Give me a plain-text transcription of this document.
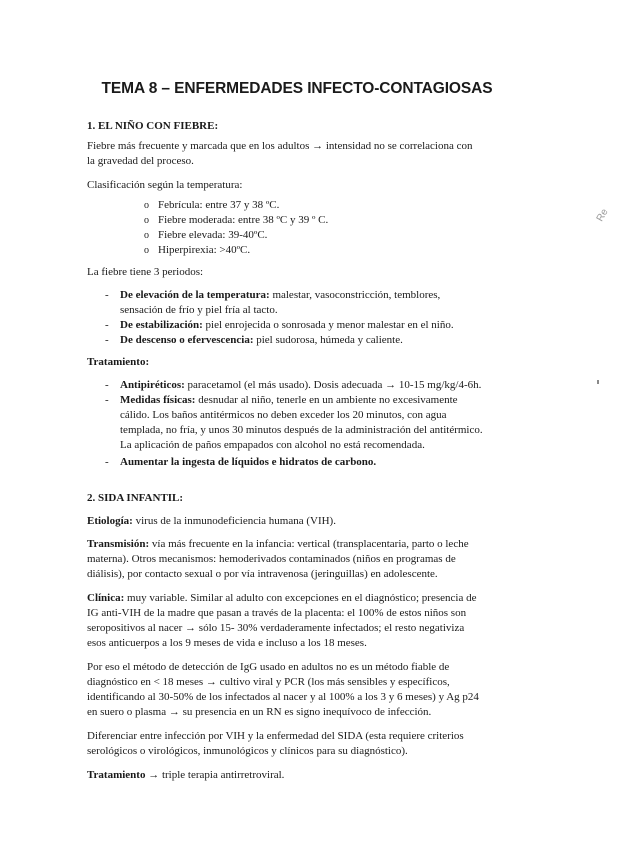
Re
TEMA 8 – ENFERMEDADES INFECTO-CONTAGIOSAS
1. EL NIÑO CON FIEBRE:
Fiebre más frecuente y marcada que en los adultos → intensidad no se correlaciona con
la gravedad del proceso.
Clasificación según la temperatura:
o Febrícula: entre 37 y 38 ºC.
o Fiebre moderada: entre 38 ºC y 39 º C.
o Fiebre elevada: 39-40ºC.
o Hiperpirexia: >40ºC.
La fiebre tiene 3 periodos:
- De elevación de la temperatura: malestar, vasoconstricción, temblores,
sensación de frío y piel fría al tacto.
- De estabilización: piel enrojecida o sonrosada y menor malestar en el niño.
- De descenso o efervescencia: piel sudorosa, húmeda y caliente.
Tratamiento:
- Antipiréticos: paracetamol (el más usado). Dosis adecuada → 10-15 mg/kg/4-6h.
- Medidas físicas: desnudar al niño, tenerle en un ambiente no excesivamente
cálido. Los baños antitérmicos no deben exceder los 20 minutos, con agua
templada, no fría, y unos 30 minutos después de la administración del antitérmico.
La aplicación de paños empapados con alcohol no está recomendada.
- Aumentar la ingesta de líquidos e hidratos de carbono.
2. SIDA INFANTIL:
Etiología: virus de la inmunodeficiencia humana (VIH).
Transmisión: vía más frecuente en la infancia: vertical (transplacentaria, parto o leche
materna). Otros mecanismos: hemoderivados contaminados (niños en programas de
diálisis), por contacto sexual o por vía intravenosa (jeringuillas) en adolescente.
Clínica: muy variable. Similar al adulto con excepciones en el diagnóstico; presencia de
IG anti-VIH de la madre que pasan a través de la placenta: el 100% de estos niños son
seropositivos al nacer → sólo 15- 30% verdaderamente infectados; el resto negativiza
esos anticuerpos a los 9 meses de vida e incluso a los 18 meses.
Por eso el método de detección de IgG usado en adultos no es un método fiable de
diagnóstico en < 18 meses → cultivo viral y PCR (los más sensibles y específicos,
identificando al 30-50% de los infectados al nacer y al 100% a los 3 y 6 meses) y Ag p24
en suero o plasma → su presencia en un RN es signo inequívoco de infección.
Diferenciar entre infección por VIH y la enfermedad del SIDA (esta requiere criterios
serológicos o virológicos, inmunológicos y clínicos para su diagnóstico).
Tratamiento → triple terapia antirretroviral.
